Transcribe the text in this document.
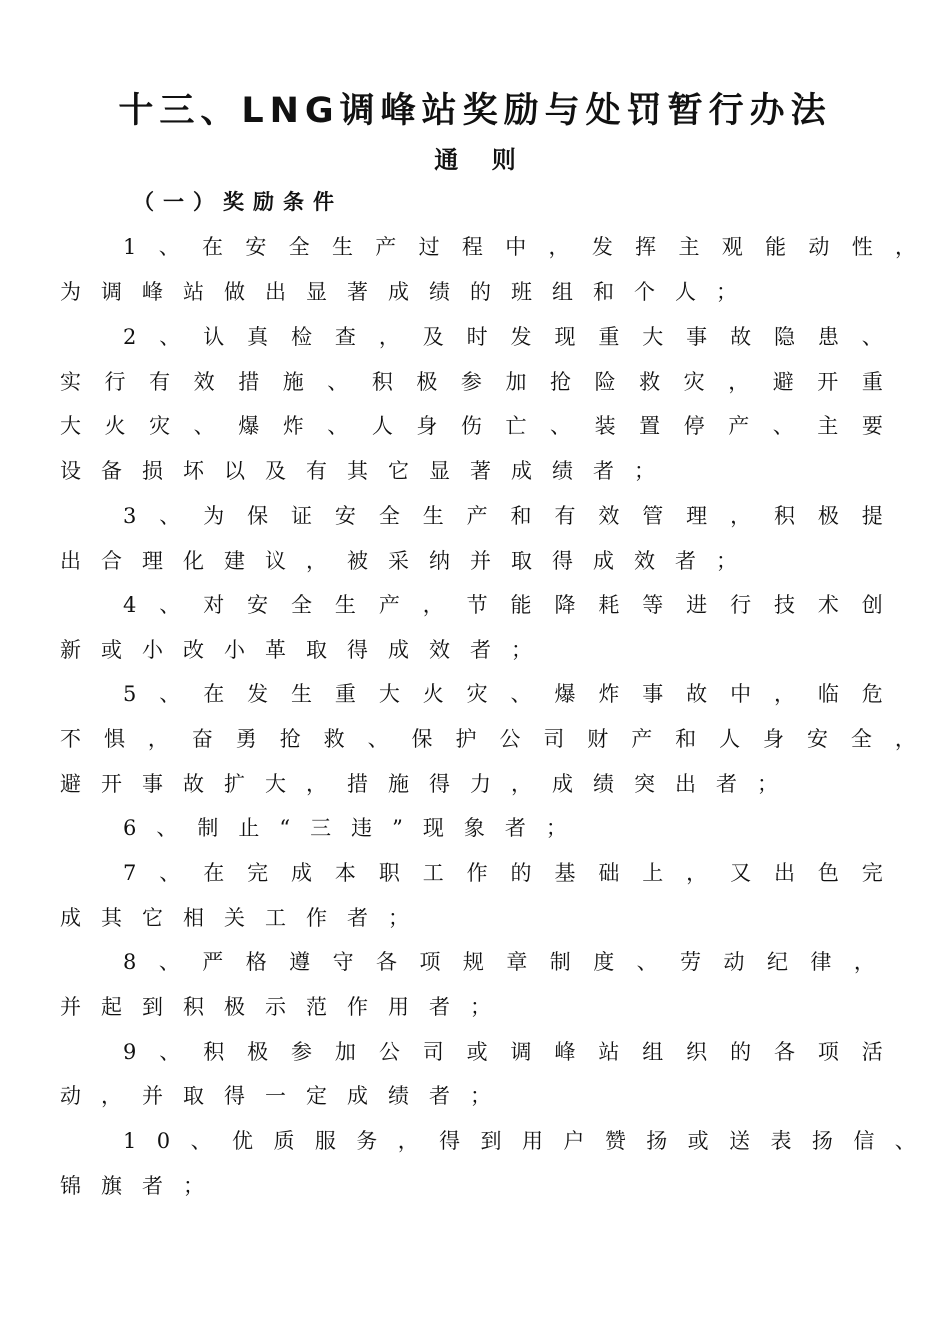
十三、LNG调峰站奖励与处罚暂行办法
通    则
（一）奖励条件
1 、 在 安 全 生 产 过 程 中 ， 发 挥 主 观 能 动 性 ，
为调峰站做出显著成绩的班组和个人；
2 、 认 真 检 查 ， 及 时 发 现 重 大 事 故 隐 患 、
实 行 有 效 措 施 、 积 极 参 加 抢 险 救 灾 ， 避 开 重
大 火 灾 、 爆 炸 、 人 身 伤 亡 、 装 置 停 产 、 主 要
设备损坏以及有其它显著成绩者；
3 、 为 保 证 安 全 生 产 和 有 效 管 理 ， 积 极 提
出合理化建议，被采纳并取得成效者；
4 、 对 安 全 生 产 ， 节 能 降 耗 等 进 行 技 术 创
新或小改小革取得成效者；
5 、 在 发 生 重 大 火 灾 、 爆 炸 事 故 中 ， 临 危
不 惧 ， 奋 勇 抢 救 、 保 护 公 司 财 产 和 人 身 安 全 ，
避开事故扩大，措施得力，成绩突出者；
6、制止“三违”现象者；
7 、 在 完 成 本 职 工 作 的 基 础 上 ， 又 出 色 完
成其它相关工作者；
8 、 严 格 遵 守 各 项 规 章 制 度 、 劳 动 纪 律 ，
并起到积极示范作用者；
9 、 积 极 参 加 公 司 或 调 峰 站 组 织 的 各 项 活
动，并取得一定成绩者；
1 0 、 优 质 服 务 ， 得 到 用 户 赞 扬 或 送 表 扬 信 、
锦旗者；
